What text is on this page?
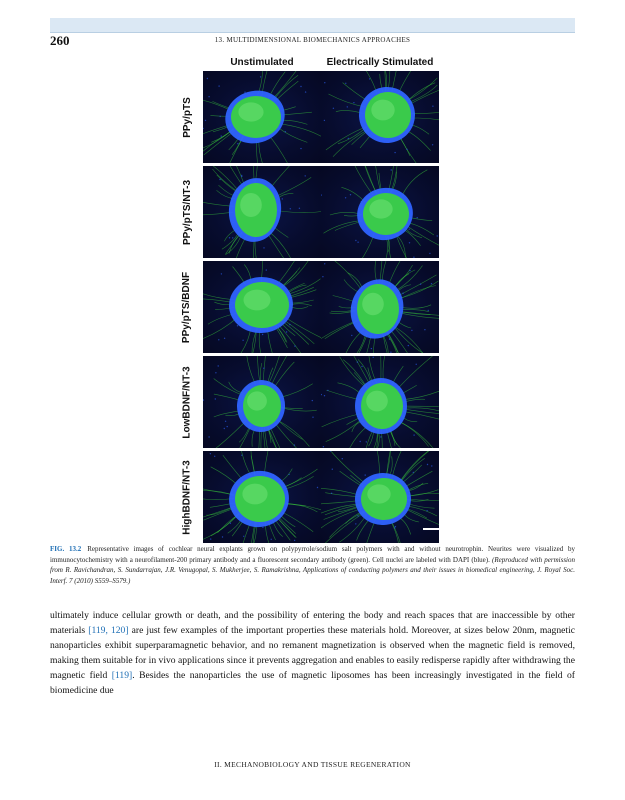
260	13. MULTIDIMENSIONAL BIOMECHANICS APPROACHES
Unstimulated	Electrically Stimulated
PPy/pTS
PPy/pTS/NT-3
PPy/pTS/BDNF
LowBDNF/NT-3
HighBDNF/NT-3
FIG. 13.2 Representative images of cochlear neural explants grown on polypyrrole/sodium salt polymers with and without neurotrophin. Neurites were visualized by immunocytochemistry with a neurofilament-200 primary antibody and a fluorescent secondary antibody (green). Cell nuclei are labeled with DAPI (blue). (Reproduced with permission from R. Ravichandran, S. Sundarrajan, J.R. Venugopal, S. Mukherjee, S. Ramakrishna, Applications of conducting polymers and their issues in biomedical engineering, J. Royal Soc. Interf. 7 (2010) S559–S579.)
ultimately induce cellular growth or death, and the possibility of entering the body and reach spaces that are inaccessible by other materials [119, 120] are just few examples of the important properties these materials hold. Moreover, at sizes below 20nm, magnetic nanoparticles exhibit superparamagnetic behavior, and no remanent magnetization is observed when the magnetic field is removed, making them suitable for in vivo applications since it prevents aggregation and enables to easily redisperse rapidly after withdrawing the magnetic field [119]. Besides the nanoparticles the use of magnetic liposomes has been increasingly investigated in the field of biomedicine due
II. MECHANOBIOLOGY AND TISSUE REGENERATION
